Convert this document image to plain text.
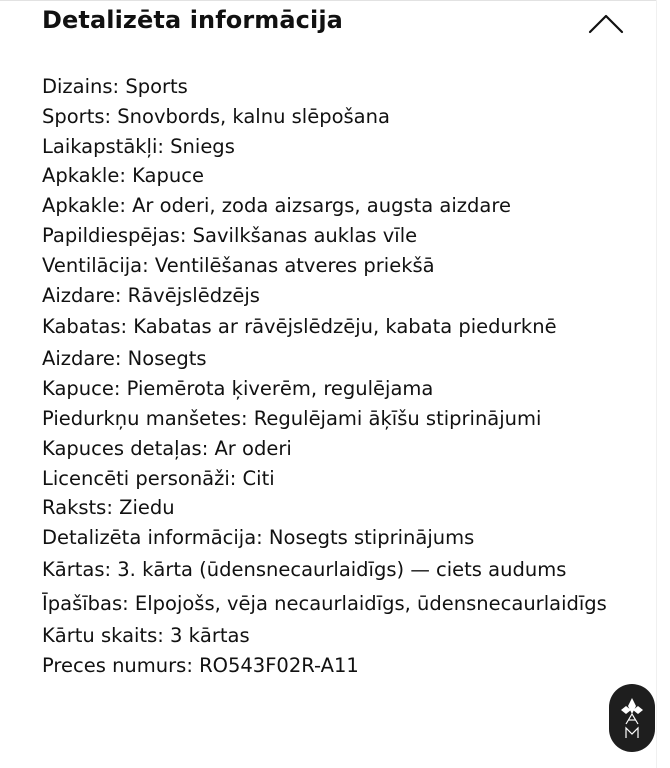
Detalizēta informācija
Dizains: Sports
Sports: Snovbords, kalnu slēpošana
Laikapstākļi: Sniegs
Apkakle: Kapuce
Apkakle: Ar oderi, zoda aizsargs, augsta aizdare
Papildiespējas: Savilkšanas auklas vīle
Ventilācija: Ventilēšanas atveres priekšā
Aizdare: Rāvējslēdzējs
Kabatas: Kabatas ar rāvējslēdzēju, kabata piedurknē
Aizdare: Nosegts
Kapuce: Piemērota ķiverēm, regulējama
Piedurkņu manšetes: Regulējami āķīšu stiprinājumi
Kapuces detaļas: Ar oderi
Licencēti personāži: Citi
Raksts: Ziedu
Detalizēta informācija: Nosegts stiprinājums
Kārtas: 3. kārta (ūdensnecaurlaidīgs) — ciets audums
Īpašības: Elpojošs, vēja necaurlaidīgs, ūdensnecaurlaidīgs
Kārtu skaits: 3 kārtas
Preces numurs: RO543F02R-A11
